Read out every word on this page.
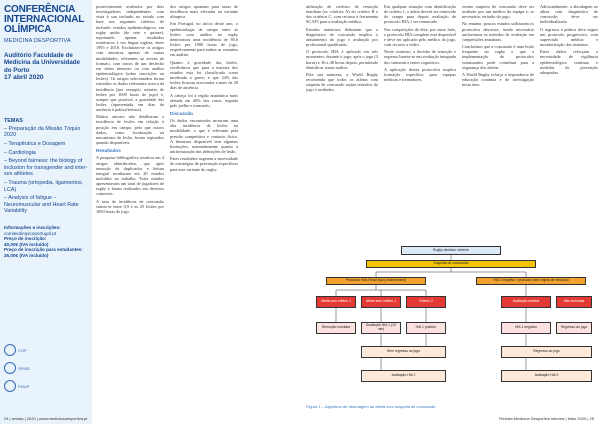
CONFERÊNCIA INTERNACIONAL OLÍMPICA
MEDICINA DESPORTIVA
Auditório Faculdade de Medicina da Universidade do Porto
17 abril 2020
TEMAS
– Preparação da Missão Tóquio 2020
– Terapêutica e Dosagem
– Cardiologia
– Beyond fairness: the biology of inclusion for transgender and inter-sex athletes
– Trauma (ortopedia, ligamentos, LCA)
– Analysis of fatigue – Neuromuscular and Heart Rate Variability
Informações e inscrições:
comiteolimpicoportugal.pt
Preço de inscrição:
40,00€ (IVA incluído)
Preço de inscrição para estudantes:
25,00€ (IVA incluído)
COP
SPMD
FMUP

posteriormente avaliados por dois investigadores independentes com vista à sua inclusão no estudo com base nos seguintes critérios de inclusão: estudos epidemiológicos, em rugby união (de sete e quinze), reportando apenas resultados estatísticos e em língua inglesa, entre 1995 e 2018. Excluíram-se os artigos com amostras apenas de outras modalidades, referentes ao sevens do formato, com rastos de um desfecho em séries menores ou com análise epidemiológica (sobre inscrições ou lesões). Os artigos selecionados foram extraídos os dados relevantes acerca da incidência (por exemplo, número de lesões por 1000 horas de jogo) e, sempre que possível, a gravidade das lesões (apresentada em dias de ausência à prática/treinos).

Muitos autores não detalharam a incidência de lesões em relação à posição em campo, pelo que outros dados, como localização ou mecanismo de lesão, foram registados quando disponíveis.

Resultados

A pesquisa bibliográfica resultou em 4 artigos identificados, que após remoção de duplicados e leitura integral resultaram em 20 estudos incluídos no trabalho. Estes estudos apresentavam um total de jogadores de rugby e foram realizados em diversos contextos.

A taxa de incidência de concussão situou-se entre 0,9 e as 25 lesões por 1000 horas de jogo.

dos artigos apontam para taxas de incidência mais elevadas na variante olímpica.

Em Portugal, no início deste ano, o epidemiologia de campo entre as lesões com análise no rugby demonstrou uma incidência de 80,6 lesões por 1000 horas de jogo, respetivamente para ambas as variantes em análise.

Quanto à gravidade das lesões, verificámos que para a maioria dos estudos esta foi classificada como moderada a grave, e que 24% das lesões ficaram associadas a mais de 28 dias de ausência.

A cabeça foi a região anatómica mais afetada em 40% dos casos, seguida pelo joelho e tornozelo.

Discussão

Os dados encontrados mostram uma alta incidência de lesões na modalidade, o que é relevante pela pressão competitiva e contacto físico. A literatura disponível tem algumas limitações, nomeadamente quanto à uniformização das definições de lesão.

Estes resultados sugerem a necessidade de estratégias de prevenção específicas para esta variante do rugby.

utilização de critérios de remoção imediata (os critérios A) do critério B e dos critérios C, com recurso à ferramenta SCAT5 para a avaliação médica.

Estudos anteriores definiram que o diagnóstico de concussão implica o afastamento do jogo e avaliação por profissional qualificado.

O protocolo HIA é aplicado em três momentos: durante o jogo, após o jogo (3 horas) e 36 a 48 horas depois, permitindo identificar sinais tardios.

Pela sua natureza, a World Rugby recomenda que todos os atletas com suspeita de concussão sejam retirados do jogo e avaliados.

Em qualquer situação com identificação de critério 1, o atleta deverá ser removido do campo para depois avaliação de protocolo HIA 1 ser remarcado.

Nas competições de elite, por outro lado, o protocolo HIA completo está disponível e deve ser aplicado pelo médico do jogo, com recurso a vídeo.

Neste contexto, a decisão de remoção e regresso baseia-se em avaliação integrada dos sintomas e testes cognitivos.

A aplicação destes protocolos implica formação específica para equipas médicas e treinadores.

evento suspeito de concussão deve ser avaliado por um médico da equipa e, se necessário, retirado do jogo.

No entanto, poucos estudos utilizaram os protocolos descritos, sendo necessário uniformizar os métodos de avaliação em competições amadoras.

Concluímos que a concussão é uma lesão frequente no rugby e que a implementação de protocolos estruturados pode contribuir para a segurança dos atletas.

A World Rugby reforça a importância de educação contínua e de investigação nesta área.

Adicionalmente, a abordagem ao atleta com diagnóstico de concussão deve ser individualizada.

O regresso à prática deve seguir um protocolo progressivo, com supervisão médica e monitorização dos sintomas.

Estes dados reforçam a necessidade de vigilância epidemiológica contínua e medidas de prevenção adequadas.

Rugby decision scheme
Suspeita de concussão
Protocolo HIA (Head Injury Assessment)	HIA 1 negativo / protocolo sem regras de remoção
Atleta com critério 1	Atleta sem critério 1	Critério 2	Avaliação médica	Não sintomas
Remoção imediata	Avaliação HIA 1 (10 min)	HIA 1 positivo	HIA 1 negativo	Regresso ao jogo
Sem regresso ao jogo	Regresso ao jogo
Avaliação HIA 2	Avaliação HIA 3
Figura 1 – Algoritmo de abordagem ao atleta com suspeita de concussão
24 | revista | 2020 | www.medicinadesportiva.pt	Revista Medicina Desportiva informa | Maio 2020 | 25
